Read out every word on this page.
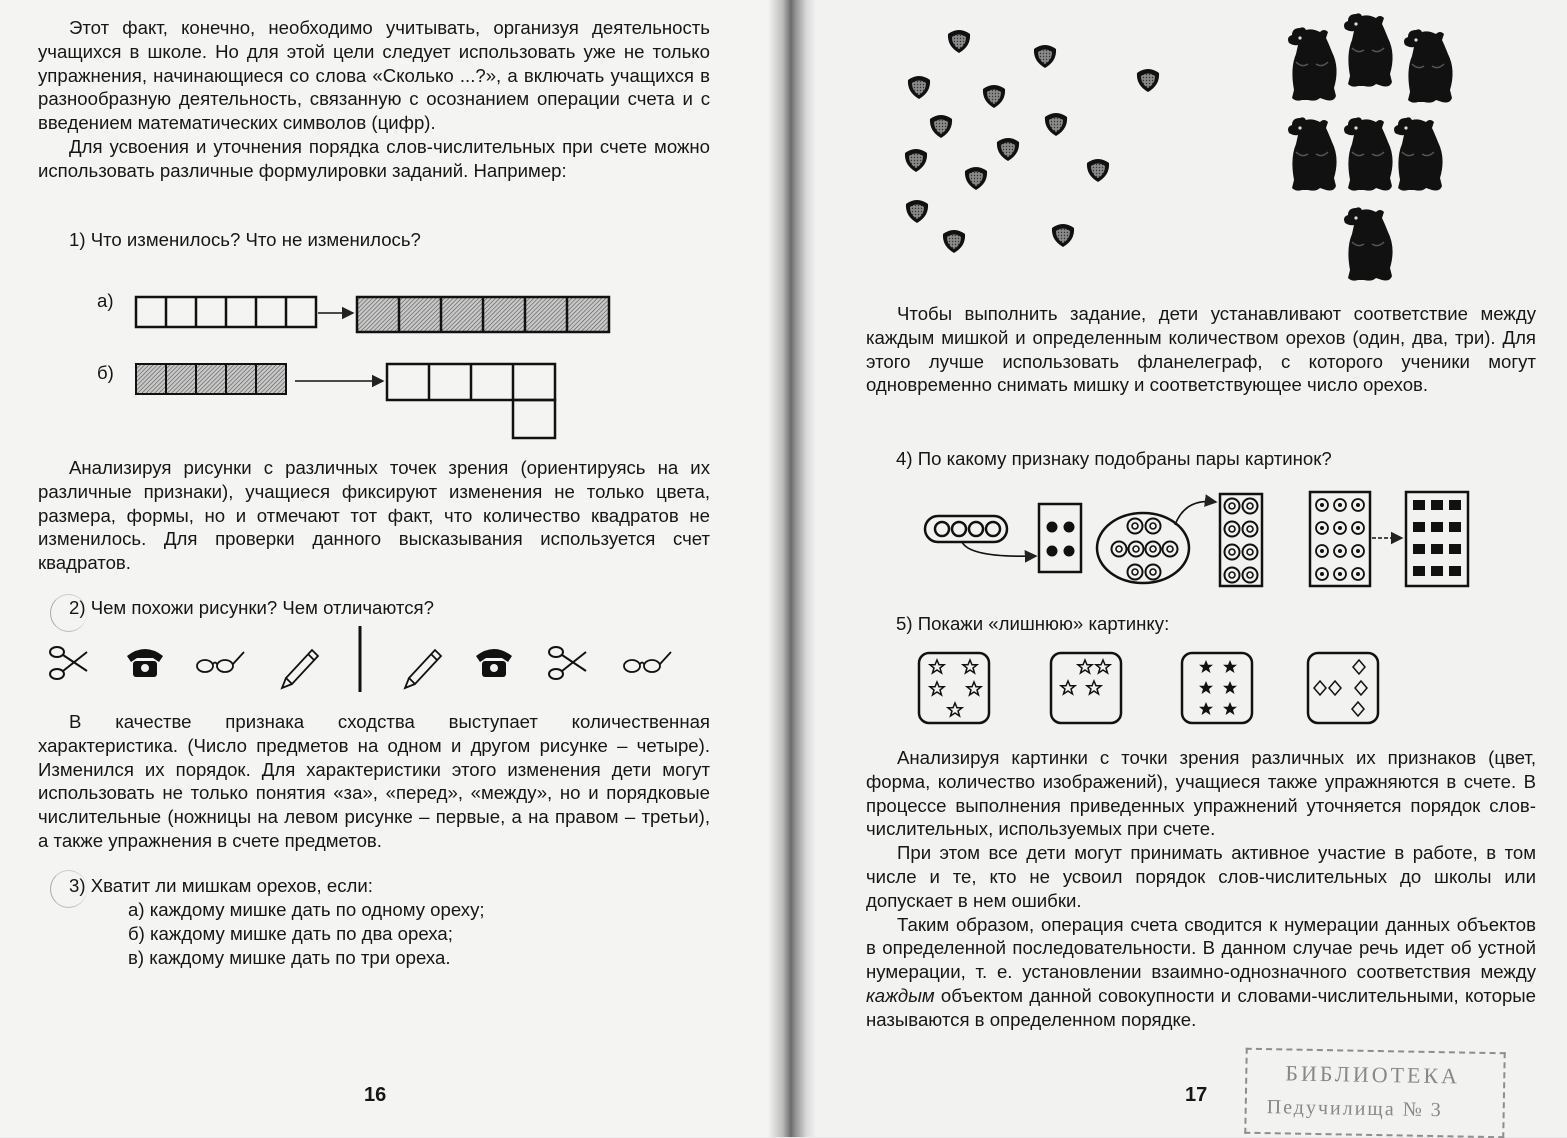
Этот факт, конечно, необходимо учитывать, организуя деятельность учащихся в школе. Но для этой цели следует использовать уже не только упражнения, начинающиеся со слова «Сколько ...?», а включать учащихся в разнообразную деятельность, связанную с осознанием операции счета и с введением математических символов (цифр).

Для усвоения и уточнения порядка слов-числительных при счете можно использовать различные формулировки заданий. Например:

1) Что изменилось? Что не изменилось?
а)
б)

Анализируя рисунки с различных точек зрения (ориентируясь на их различные признаки), учащиеся фиксируют изменения не только цвета, размера, формы, но и отмечают тот факт, что количество квадратов не изменилось. Для проверки данного высказывания используется счет квадратов.

2) Чем похожи рисунки? Чем отличаются?

В качестве признака сходства выступает количественная характеристика. (Число предметов на одном и другом рисунке – четыре). Изменился их порядок. Для характеристики этого изменения дети могут использовать не только понятия «за», «перед», «между», но и порядковые числительные (ножницы на левом рисунке – первые, а на правом – третьи), а также упражнения в счете предметов.

3) Хватит ли мишкам орехов, если:
а) каждому мишке дать по одному ореху;
б) каждому мишке дать по два ореха;
в) каждому мишке дать по три ореха.
16

Чтобы выполнить задание, дети устанавливают соответствие между каждым мишкой и определенным количеством орехов (один, два, три). Для этого лучше использовать фланелеграф, с которого ученики могут одновременно снимать мишку и соответствующее число орехов.

4) По какому признаку подобраны пары картинок?
5) Покажи «лишнюю» картинку:

Анализируя картинки с точки зрения различных их признаков (цвет, форма, количество изображений), учащиеся также упражняются в счете. В процессе выполнения приведенных упражнений уточняется порядок слов-числительных, используемых при счете.

При этом все дети могут принимать активное участие в работе, в том числе и те, кто не усвоил порядок слов-числительных до школы или допускает в нем ошибки.

Таким образом, операция счета сводится к нумерации данных объектов в определенной последовательности. В данном случае речь идет об устной нумерации, т. е. установлении взаимно-однозначного соответствия между каждым объектом данной совокупности и словами-числительными, которые называются в определенном порядке.

17
БИБЛИОТЕКА
Педучилища № 3
